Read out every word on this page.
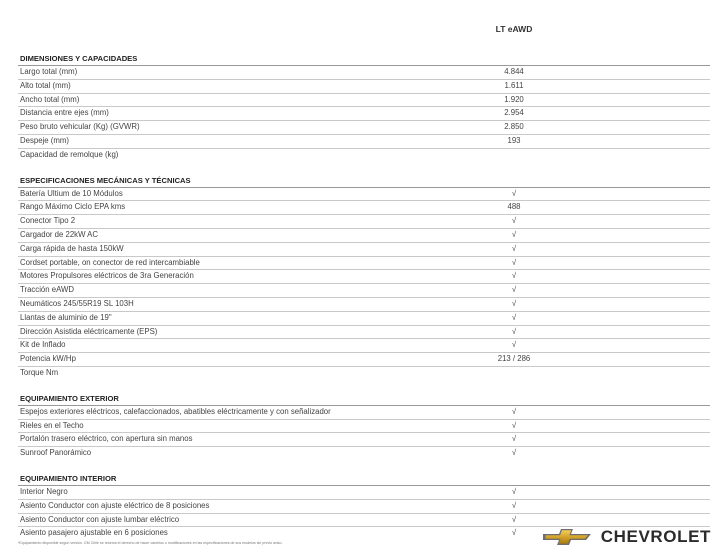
LT eAWD
DIMENSIONES Y CAPACIDADES
Largo total (mm)	4.844
Alto total (mm)	1.611
Ancho total (mm)	1.920
Distancia entre ejes (mm)	2.954
Peso bruto vehicular (Kg) (GVWR)	2.850
Despeje (mm)	193
Capacidad de remolque (kg)
ESPECIFICACIONES MECÁNICAS Y TÉCNICAS
Batería Ultium de 10 Módulos	√
Rango Máximo Ciclo EPA kms	488
Conector Tipo 2	√
Cargador de 22kW AC	√
Carga rápida de hasta 150kW	√
Cordset portable, on conector de red intercambiable	√
Motores Propulsores eléctricos de 3ra Generación	√
Tracción eAWD	√
Neumáticos 245/55R19 SL 103H	√
Llantas de aluminio de 19"	√
Dirección Asistida eléctricamente (EPS)	√
Kit de Inflado	√
Potencia kW/Hp	213 / 286
Torque Nm
EQUIPAMIENTO EXTERIOR
Espejos exteriores eléctricos, calefaccionados, abatibles eléctricamente y con señalizador	√
Rieles en el Techo	√
Portalón trasero eléctrico, con apertura sin manos	√
Sunroof Panorámico	√
EQUIPAMIENTO INTERIOR
Interior Negro	√
Asiento Conductor con ajuste eléctrico de 8 posiciones	√
Asiento Conductor con ajuste lumbar eléctrico	√
Asiento pasajero ajustable en 6 posiciones	√
*Equipamiento disponible según versión. GM Chile se reserva el derecho de hacer cambios o modificaciones en las especificaciones de sus modelos sin previo aviso.	CHEVROLET
